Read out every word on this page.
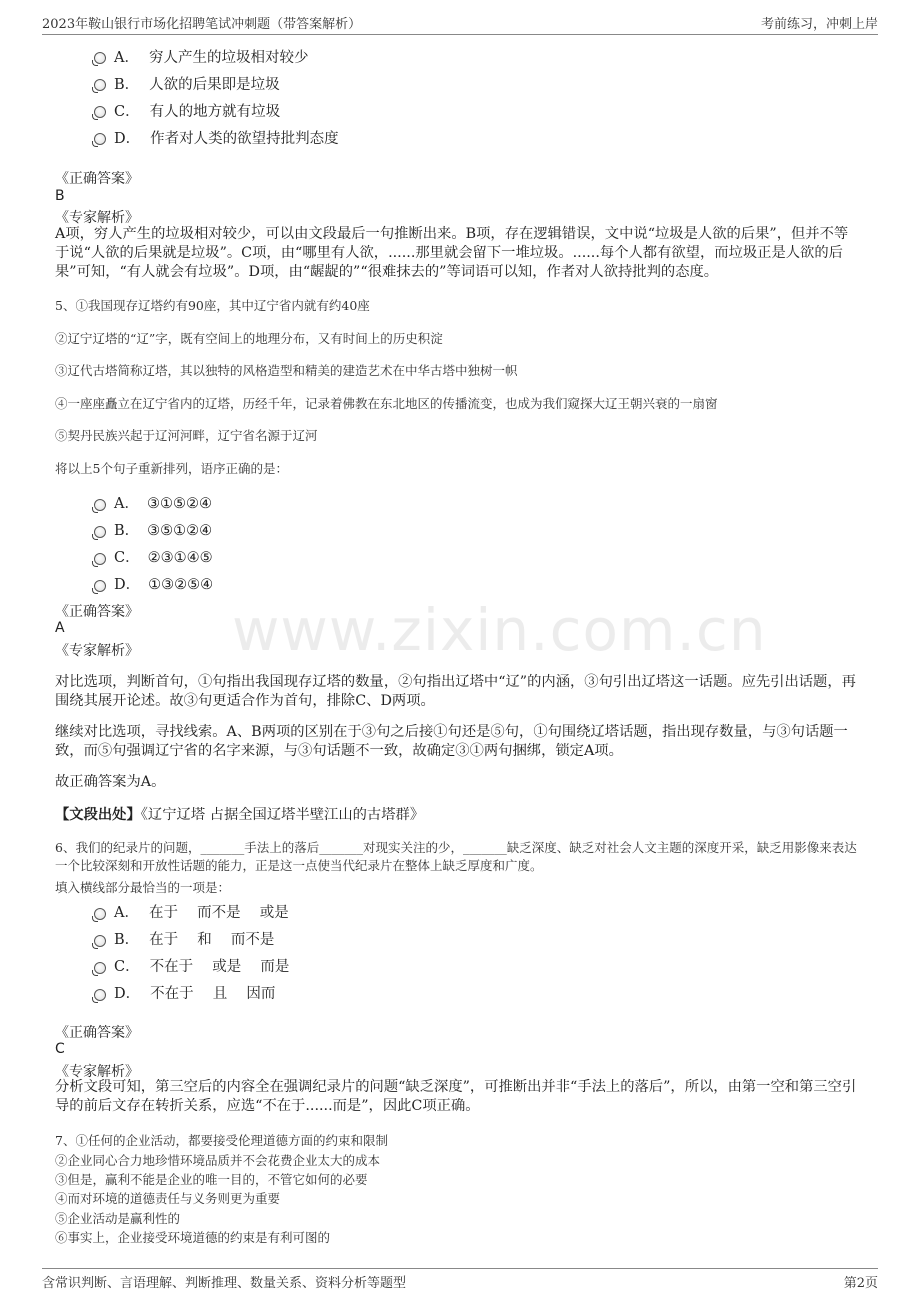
2023年鞍山银行市场化招聘笔试冲刺题（带答案解析）	考前练习，冲刺上岸
www.zixin.com.cn
A． 穷人产生的垃圾相对较少
B． 人欲的后果即是垃圾
C． 有人的地方就有垃圾
D． 作者对人类的欲望持批判态度
《正确答案》
B
《专家解析》
A项，穷人产生的垃圾相对较少，可以由文段最后一句推断出来。B项，存在逻辑错误，文中说“垃圾是人欲的后果”，但并不等于说“人欲的后果就是垃圾”。C项，由“哪里有人欲，......那里就会留下一堆垃圾。......每个人都有欲望，而垃圾正是人欲的后果”可知，“有人就会有垃圾”。D项，由“龌龊的”“很难抹去的”等词语可以知，作者对人欲持批判的态度。
5、①我国现存辽塔约有90座，其中辽宁省内就有约40座
②辽宁辽塔的“辽”字，既有空间上的地理分布，又有时间上的历史积淀
③辽代古塔简称辽塔，其以独特的风格造型和精美的建造艺术在中华古塔中独树一帜
④一座座矗立在辽宁省内的辽塔，历经千年，记录着佛教在东北地区的传播流变，也成为我们窥探大辽王朝兴衰的一扇窗
⑤契丹民族兴起于辽河河畔，辽宁省名源于辽河
将以上5个句子重新排列，语序正确的是：
A． ③①⑤②④
B． ③⑤①②④
C． ②③①④⑤
D． ①③②⑤④
《正确答案》
A
《专家解析》
对比选项，判断首句，①句指出我国现存辽塔的数量，②句指出辽塔中“辽”的内涵，③句引出辽塔这一话题。应先引出话题，再围绕其展开论述。故③句更适合作为首句，排除C、D两项。
继续对比选项，寻找线索。A、B两项的区别在于③句之后接①句还是⑤句，①句围绕辽塔话题，指出现存数量，与③句话题一致，而⑤句强调辽宁省的名字来源，与③句话题不一致，故确定③①两句捆绑，锁定A项。
故正确答案为A。
【文段出处】《辽宁辽塔 占据全国辽塔半壁江山的古塔群》
6、我们的纪录片的问题，_______手法上的落后_______对现实关注的少，_______缺乏深度、缺乏对社会人文主题的深度开采，缺乏用影像来表达一个比较深刻和开放性话题的能力，正是这一点使当代纪录片在整体上缺乏厚度和广度。
填入横线部分最恰当的一项是：
A． 在于　 而不是　 或是
B． 在于　 和　 而不是
C． 不在于　 或是　 而是
D． 不在于　 且　 因而
《正确答案》
C
《专家解析》
分析文段可知，第三空后的内容全在强调纪录片的问题“缺乏深度”，可推断出并非“手法上的落后”，所以，由第一空和第三空引导的前后文存在转折关系，应选“不在于......而是”，因此C项正确。
7、①任何的企业活动，都要接受伦理道德方面的约束和限制
②企业同心合力地珍惜环境品质并不会花费企业太大的成本
③但是，赢利不能是企业的唯一目的，不管它如何的必要
④而对环境的道德责任与义务则更为重要
⑤企业活动是赢利性的
⑥事实上，企业接受环境道德的约束是有利可图的
含常识判断、言语理解、判断推理、数量关系、资料分析等题型	第2页
